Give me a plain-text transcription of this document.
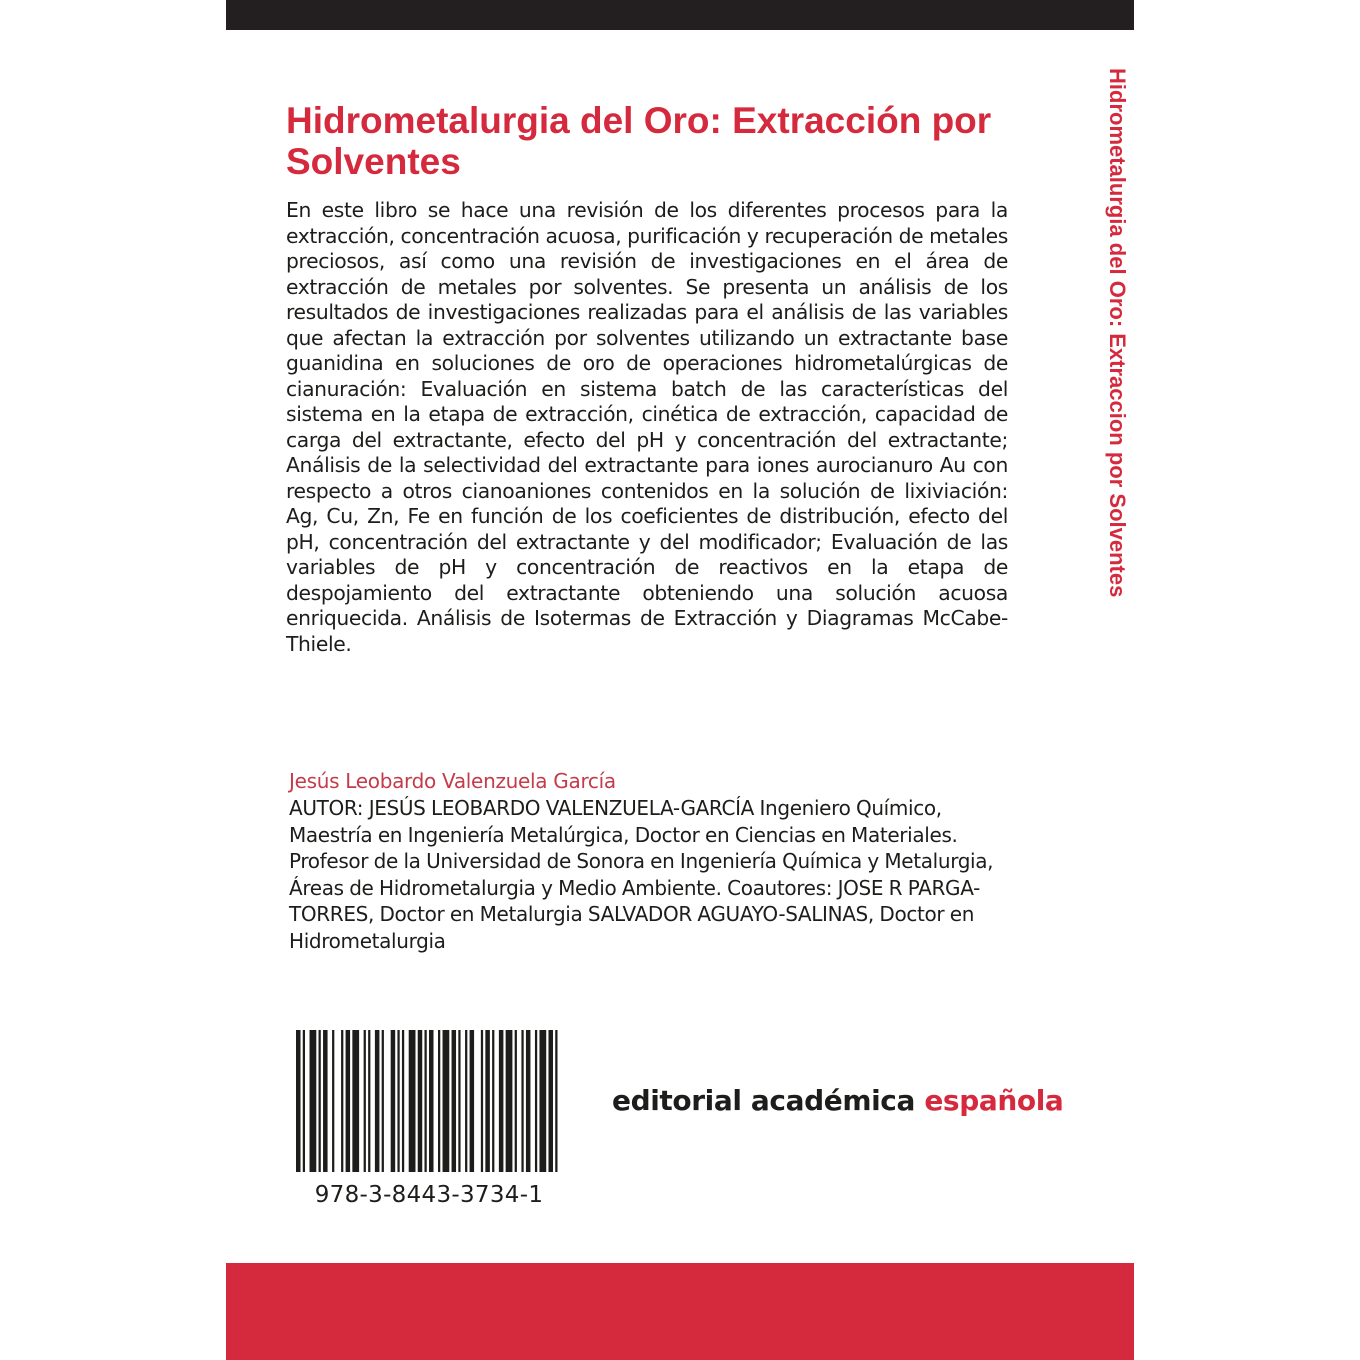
Hidrometalurgia del Oro: Extraccion por Solventes
Hidrometalurgia del Oro: Extracción por Solventes

En este libro se hace una revisión de los diferentes procesos para la extracción, concentración acuosa, purificación y recuperación de metales preciosos, así como una revisión de investigaciones en el área de extracción de metales por solventes. Se presenta un análisis de los resultados de investigaciones realizadas para el análisis de las variables que afectan la extracción por solventes utilizando un extractante base guanidina en soluciones de oro de operaciones hidrometalúrgicas de cianuración: Evaluación en sistema batch de las características del sistema en la etapa de extracción, cinética de extracción, capacidad de carga del extractante, efecto del pH y concentración del extractante; Análisis de la selectividad del extractante para iones aurocianuro Au con respecto a otros cianoaniones contenidos en la solución de lixiviación: Ag, Cu, Zn, Fe en función de los coeficientes de distribución, efecto del pH, concentración del extractante y del modificador; Evaluación de las variables de pH y concentración de reactivos en la etapa de despojamiento del extractante obteniendo una solución acuosa enriquecida. Análisis de Isotermas de Extracción y Diagramas McCabe-Thiele.

Jesús Leobardo Valenzuela García

AUTOR: JESÚS LEOBARDO VALENZUELA-GARCÍA Ingeniero Químico, Maestría en Ingeniería Metalúrgica, Doctor en Ciencias en Materiales. Profesor de la Universidad de Sonora en Ingeniería Química y Metalurgia, Áreas de Hidrometalurgia y Medio Ambiente. Coautores: JOSE R PARGA-TORRES, Doctor en Metalurgia SALVADOR AGUAYO-SALINAS, Doctor en Hidrometalurgia

978-3-8443-3734-1

editorial académica española
